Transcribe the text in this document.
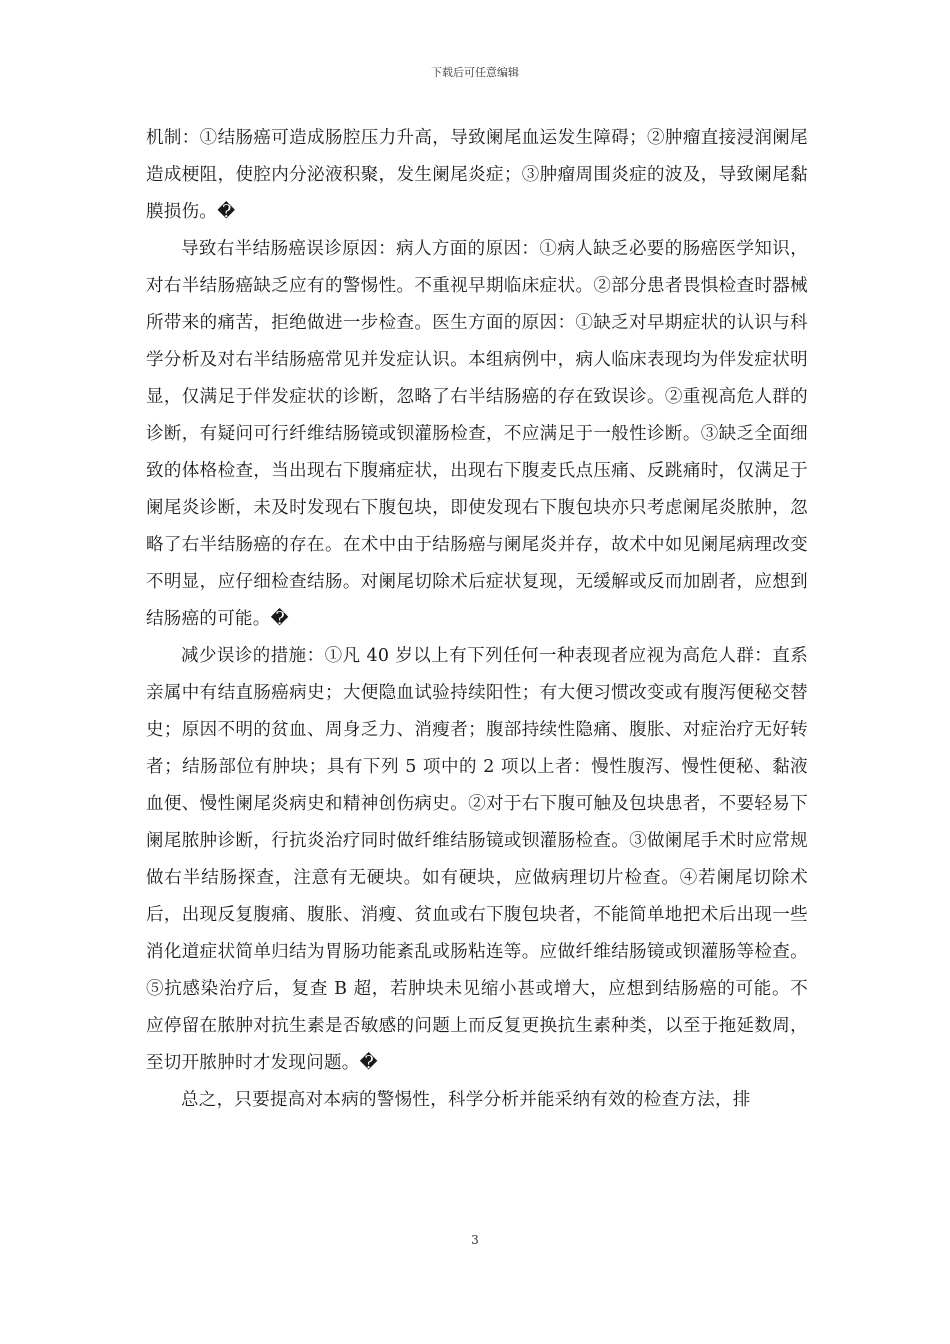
下载后可任意编辑

机制：①结肠癌可造成肠腔压力升高，导致阑尾血运发生障碍；②肿瘤直接浸润阑尾造成梗阻，使腔内分泌液积聚，发生阑尾炎症；③肿瘤周围炎症的波及，导致阑尾黏膜损伤。�

导致右半结肠癌误诊原因：病人方面的原因：①病人缺乏必要的肠癌医学知识，对右半结肠癌缺乏应有的警惕性。不重视早期临床症状。②部分患者畏惧检查时器械所带来的痛苦，拒绝做进一步检查。医生方面的原因：①缺乏对早期症状的认识与科学分析及对右半结肠癌常见并发症认识。本组病例中，病人临床表现均为伴发症状明显，仅满足于伴发症状的诊断，忽略了右半结肠癌的存在致误诊。②重视高危人群的诊断，有疑问可行纤维结肠镜或钡灌肠检查，不应满足于一般性诊断。③缺乏全面细致的体格检查，当出现右下腹痛症状，出现右下腹麦氏点压痛、反跳痛时，仅满足于阑尾炎诊断，未及时发现右下腹包块，即使发现右下腹包块亦只考虑阑尾炎脓肿，忽略了右半结肠癌的存在。在术中由于结肠癌与阑尾炎并存，故术中如见阑尾病理改变不明显，应仔细检查结肠。对阑尾切除术后症状复现，无缓解或反而加剧者，应想到结肠癌的可能。�

减少误诊的措施：①凡 40 岁以上有下列任何一种表现者应视为高危人群：直系亲属中有结直肠癌病史；大便隐血试验持续阳性；有大便习惯改变或有腹泻便秘交替史；原因不明的贫血、周身乏力、消瘦者；腹部持续性隐痛、腹胀、对症治疗无好转者；结肠部位有肿块；具有下列 5 项中的 2 项以上者：慢性腹泻、慢性便秘、黏液血便、慢性阑尾炎病史和精神创伤病史。②对于右下腹可触及包块患者，不要轻易下阑尾脓肿诊断，行抗炎治疗同时做纤维结肠镜或钡灌肠检查。③做阑尾手术时应常规做右半结肠探查，注意有无硬块。如有硬块，应做病理切片检查。④若阑尾切除术后，出现反复腹痛、腹胀、消瘦、贫血或右下腹包块者，不能简单地把术后出现一些消化道症状简单归结为胃肠功能紊乱或肠粘连等。应做纤维结肠镜或钡灌肠等检查。⑤抗感染治疗后，复查 B 超，若肿块未见缩小甚或增大，应想到结肠癌的可能。不应停留在脓肿对抗生素是否敏感的问题上而反复更换抗生素种类，以至于拖延数周，至切开脓肿时才发现问题。�

总之，只要提高对本病的警惕性，科学分析并能采纳有效的检查方法，排

3
